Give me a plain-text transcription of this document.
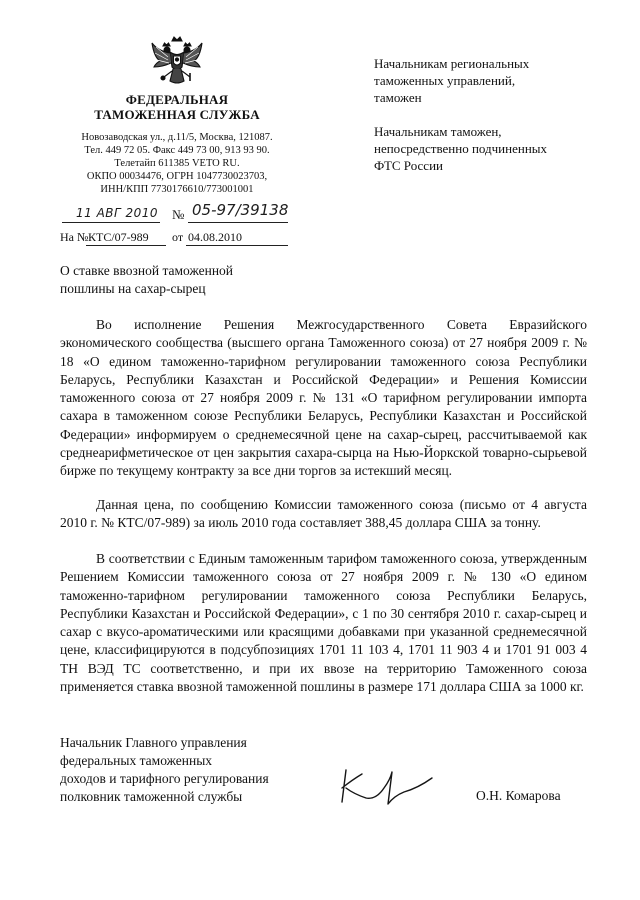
ФЕДЕРАЛЬНАЯ
ТАМОЖЕННАЯ СЛУЖБА
Новозаводская ул., д.11/5, Москва, 121087.
Тел. 449 72 05. Факс 449 73 00, 913 93 90.
Телетайп 611385 VETO RU.
ОКПО 00034476, ОГРН 1047730023703,
ИНН/КПП 7730176610/773001001
11 АВГ 2010 № 05-97/39138
На № КТС/07-989 от 04.08.2010
Начальникам региональных
таможенных управлений,
таможен
Начальникам таможен,
непосредственно подчиненных
ФТС России
О ставке ввозной таможенной
пошлины на сахар-сырец

Во исполнение Решения Межгосударственного Совета Евразийского экономического сообщества (высшего органа Таможенного союза) от 27 ноября 2009 г. № 18 «О едином таможенно-тарифном регулировании таможенного союза Республики Беларусь, Республики Казахстан и Российской Федерации» и Решения Комиссии таможенного союза от 27 ноября 2009 г. № 131 «О тарифном регулировании импорта сахара в таможенном союзе Республики Беларусь, Республики Казахстан и Российской Федерации» информируем о среднемесячной цене на сахар-сырец, рассчитываемой как среднеарифметическое от цен закрытия сахара-сырца на Нью-Йоркской товарно-сырьевой бирже по текущему контракту за все дни торгов за истекший месяц.

Данная цена, по сообщению Комиссии таможенного союза (письмо от 4 августа 2010 г. № КТС/07-989) за июль 2010 года составляет 388,45 доллара США за тонну.

В соответствии с Единым таможенным тарифом таможенного союза, утвержденным Решением Комиссии таможенного союза от 27 ноября 2009 г. № 130 «О едином таможенно-тарифном регулировании таможенного союза Республики Беларусь, Республики Казахстан и Российской Федерации», с 1 по 30 сентября 2010 г. сахар-сырец и сахар с вкусо-ароматическими или красящими добавками при указанной среднемесячной цене, классифицируются в подсубпозициях 1701 11 103 4, 1701 11 903 4 и 1701 91 003 4 ТН ВЭД ТС соответственно, и при их ввозе на территорию Таможенного союза применяется ставка ввозной таможенной пошлины в размере 171 доллара США за 1000 кг.

Начальник Главного управления
федеральных таможенных
доходов и тарифного регулирования
полковник таможенной службы	О.Н. Комарова
